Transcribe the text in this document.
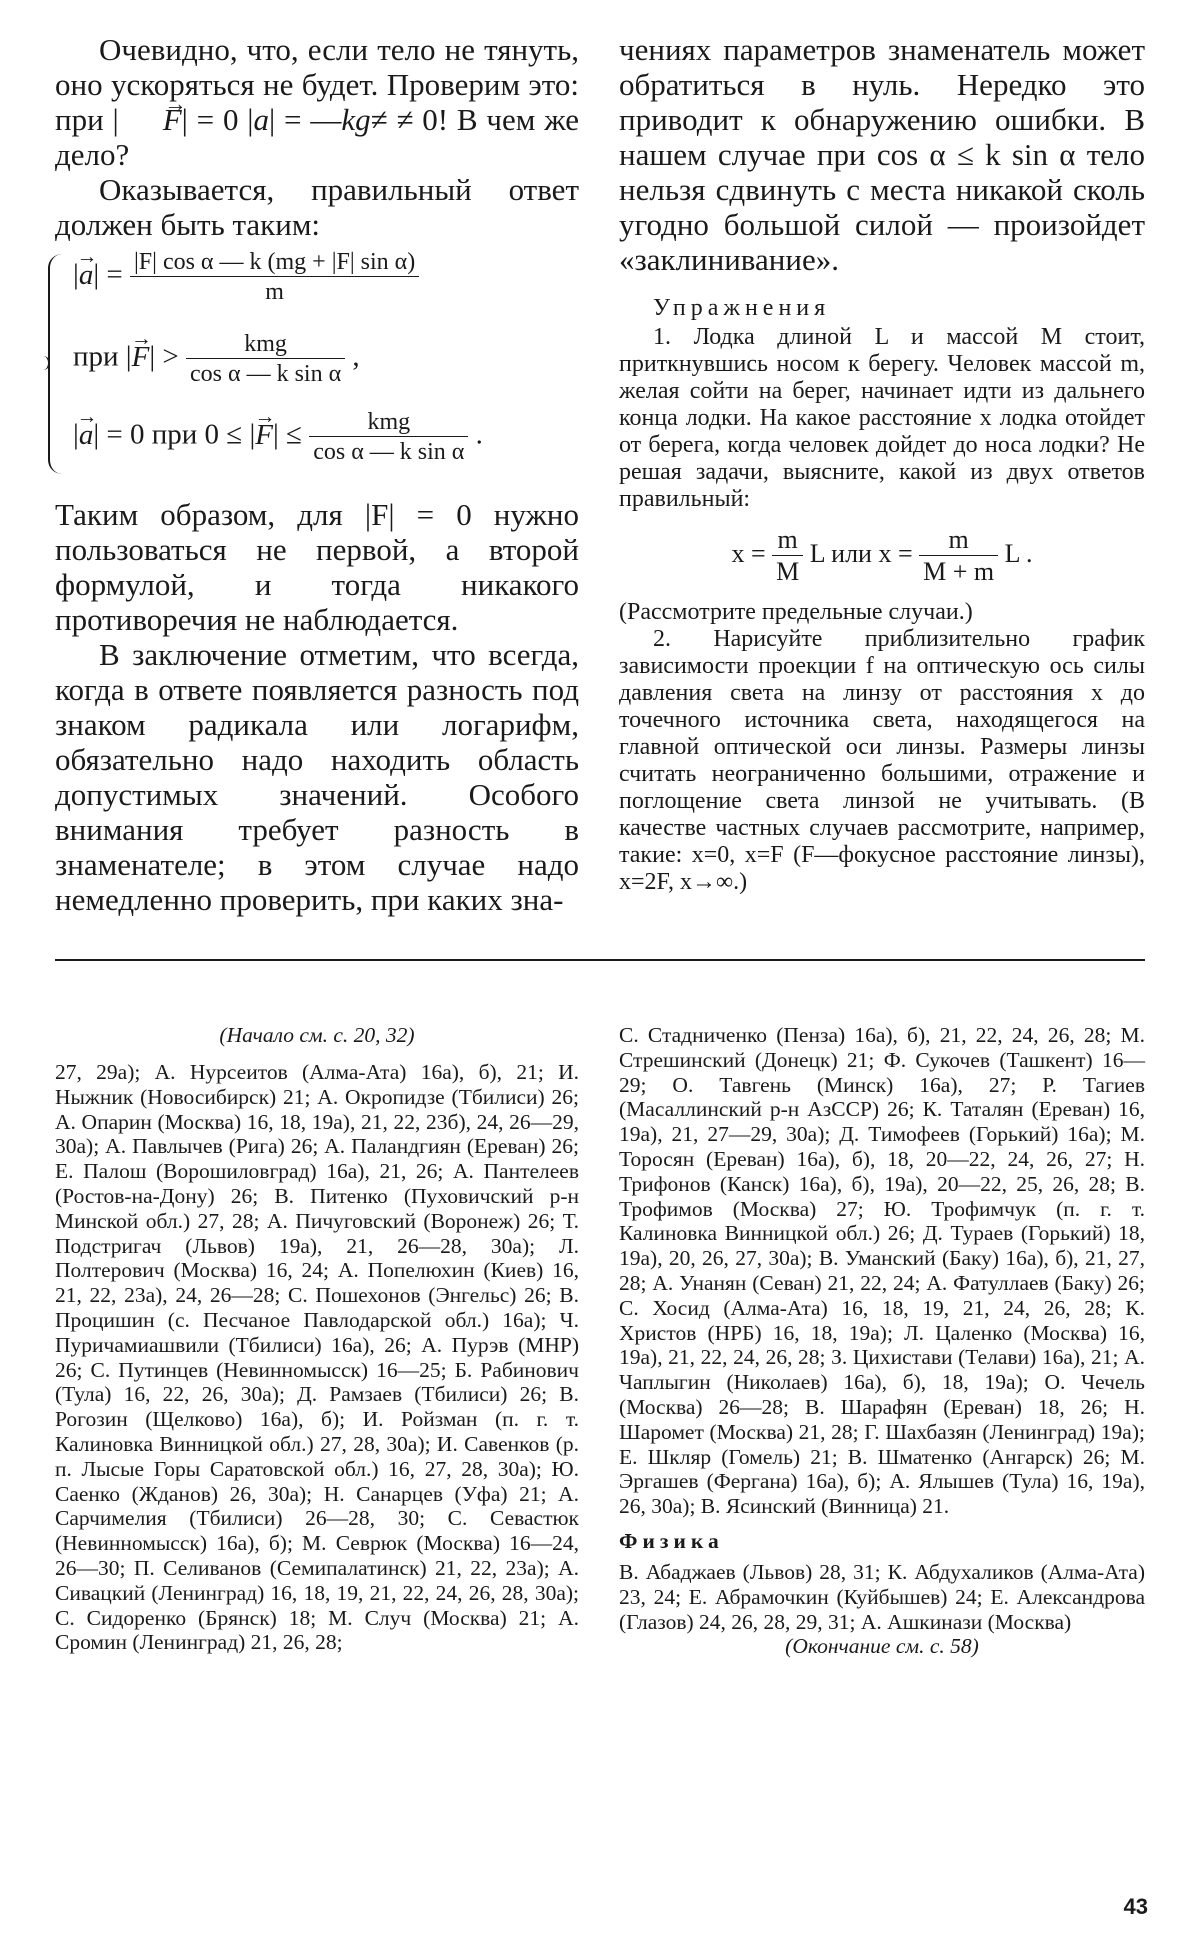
Очевидно, что, если тело не тянуть, оно ускоряться не будет. Проверим это: при |→ F| = 0 |a| = —kg≠ ≠ 0! В чем же дело?

Оказывается, правильный ответ должен быть таким:

|→ $a| = \frac{\text{|F| cos α — k (mg + |F| sin α)}}{m}$
при |→ $F| > \frac{\text{kmg}}{\text{cos α — k sin α}}$ ,
|→ a| = 0 при 0 ≤ |→ $F| \le \frac{\text{kmg}}{\text{cos α — k sin α}}$ .

Таким образом, для |F| = 0 нужно пользоваться не первой, а второй формулой, и тогда никакого противоречия не наблюдается.

В заключение отметим, что всегда, когда в ответе появляется разность под знаком радикала или логарифм, обязательно надо находить область допустимых значений. Особого внимания требует разность в знаменателе; в этом случае надо немедленно проверить, при каких зна-

чениях параметров знаменатель может обратиться в нуль. Нередко это приводит к обнаружению ошибки. В нашем случае при cos α ≤ k sin α тело нельзя сдвинуть с места никакой сколь угодно большой силой — произойдет «заклинивание».

Упражнения

1. Лодка длиной L и массой M стоит, приткнувшись носом к берегу. Человек массой m, желая сойти на берег, начинает идти из дальнего конца лодки. На какое расстояние x лодка отойдет от берега, когда человек дойдет до носа лодки? Не решая задачи, выясните, какой из двух ответов правильный:

$x = \frac{m}{M}$ L или $x = \frac{m}{M + m}$ L .

(Рассмотрите предельные случаи.)

2. Нарисуйте приблизительно график зависимости проекции f на оптическую ось силы давления света на линзу от расстояния x до точечного источника света, находящегося на главной оптической оси линзы. Размеры линзы считать неограниченно большими, отражение и поглощение света линзой не учитывать. (В качестве частных случаев рассмотрите, например, такие: x=0, x=F (F—фокусное расстояние линзы), x=2F, x→∞.)

(Начало см. с. 20, 32)

27, 29а); А. Нурсеитов (Алма-Ата) 16а), б), 21; И. Ныжник (Новосибирск) 21; А. Окропидзе (Тбилиси) 26; А. Опарин (Москва) 16, 18, 19а), 21, 22, 23б), 24, 26—29, 30а); А. Павлычев (Рига) 26; А. Паландгиян (Ереван) 26; Е. Палош (Ворошиловград) 16а), 21, 26; А. Пантелеев (Ростов-на-Дону) 26; В. Питенко (Пуховичский р-н Минской обл.) 27, 28; А. Пичуговский (Воронеж) 26; Т. Подстригач (Львов) 19а), 21, 26—28, 30а); Л. Полтерович (Москва) 16, 24; А. Попелюхин (Киев) 16, 21, 22, 23а), 24, 26—28; С. Пошехонов (Энгельс) 26; В. Процишин (с. Песчаное Павлодарской обл.) 16а); Ч. Пуричамиашвили (Тбилиси) 16а), 26; А. Пурэв (МНР) 26; С. Путинцев (Невинномысск) 16—25; Б. Рабинович (Тула) 16, 22, 26, 30а); Д. Рамзаев (Тбилиси) 26; В. Рогозин (Щелково) 16а), б); И. Ройзман (п. г. т. Калиновка Винницкой обл.) 27, 28, 30а); И. Савенков (р. п. Лысые Горы Саратовской обл.) 16, 27, 28, 30а); Ю. Саенко (Жданов) 26, 30а); Н. Санарцев (Уфа) 21; А. Сарчимелия (Тбилиси) 26—28, 30; С. Севастюк (Невинномысск) 16а), б); М. Севрюк (Москва) 16—24, 26—30; П. Селиванов (Семипалатинск) 21, 22, 23а); А. Сивацкий (Ленинград) 16, 18, 19, 21, 22, 24, 26, 28, 30а); С. Сидоренко (Брянск) 18; М. Случ (Москва) 21; А. Сромин (Ленинград) 21, 26, 28;

С. Стадниченко (Пенза) 16а), б), 21, 22, 24, 26, 28; М. Стрешинский (Донецк) 21; Ф. Сукочев (Ташкент) 16—29; О. Тавгень (Минск) 16а), 27; Р. Тагиев (Масаллинский р-н АзССР) 26; К. Таталян (Ереван) 16, 19а), 21, 27—29, 30а); Д. Тимофеев (Горький) 16а); М. Торосян (Ереван) 16а), б), 18, 20—22, 24, 26, 27; Н. Трифонов (Канск) 16а), б), 19а), 20—22, 25, 26, 28; В. Трофимов (Москва) 27; Ю. Трофимчук (п. г. т. Калиновка Винницкой обл.) 26; Д. Тураев (Горький) 18, 19а), 20, 26, 27, 30а); В. Уманский (Баку) 16а), б), 21, 27, 28; А. Унанян (Севан) 21, 22, 24; А. Фатуллаев (Баку) 26; С. Хосид (Алма-Ата) 16, 18, 19, 21, 24, 26, 28; К. Христов (НРБ) 16, 18, 19а); Л. Цаленко (Москва) 16, 19а), 21, 22, 24, 26, 28; З. Цихистави (Телави) 16а), 21; А. Чаплыгин (Николаев) 16а), б), 18, 19а); О. Чечель (Москва) 26—28; В. Шарафян (Ереван) 18, 26; Н. Шаромет (Москва) 21, 28; Г. Шахбазян (Ленинград) 19а); Е. Шкляр (Гомель) 21; В. Шматенко (Ангарск) 26; М. Эргашев (Фергана) 16а), б); А. Ялышев (Тула) 16, 19а), 26, 30а); В. Ясинский (Винница) 21.

Физика

В. Абаджаев (Львов) 28, 31; К. Абдухаликов (Алма-Ата) 23, 24; Е. Абрамочкин (Куйбышев) 24; Е. Александрова (Глазов) 24, 26, 28, 29, 31; А. Ашкинази (Москва)

(Окончание см. с. 58)
43
